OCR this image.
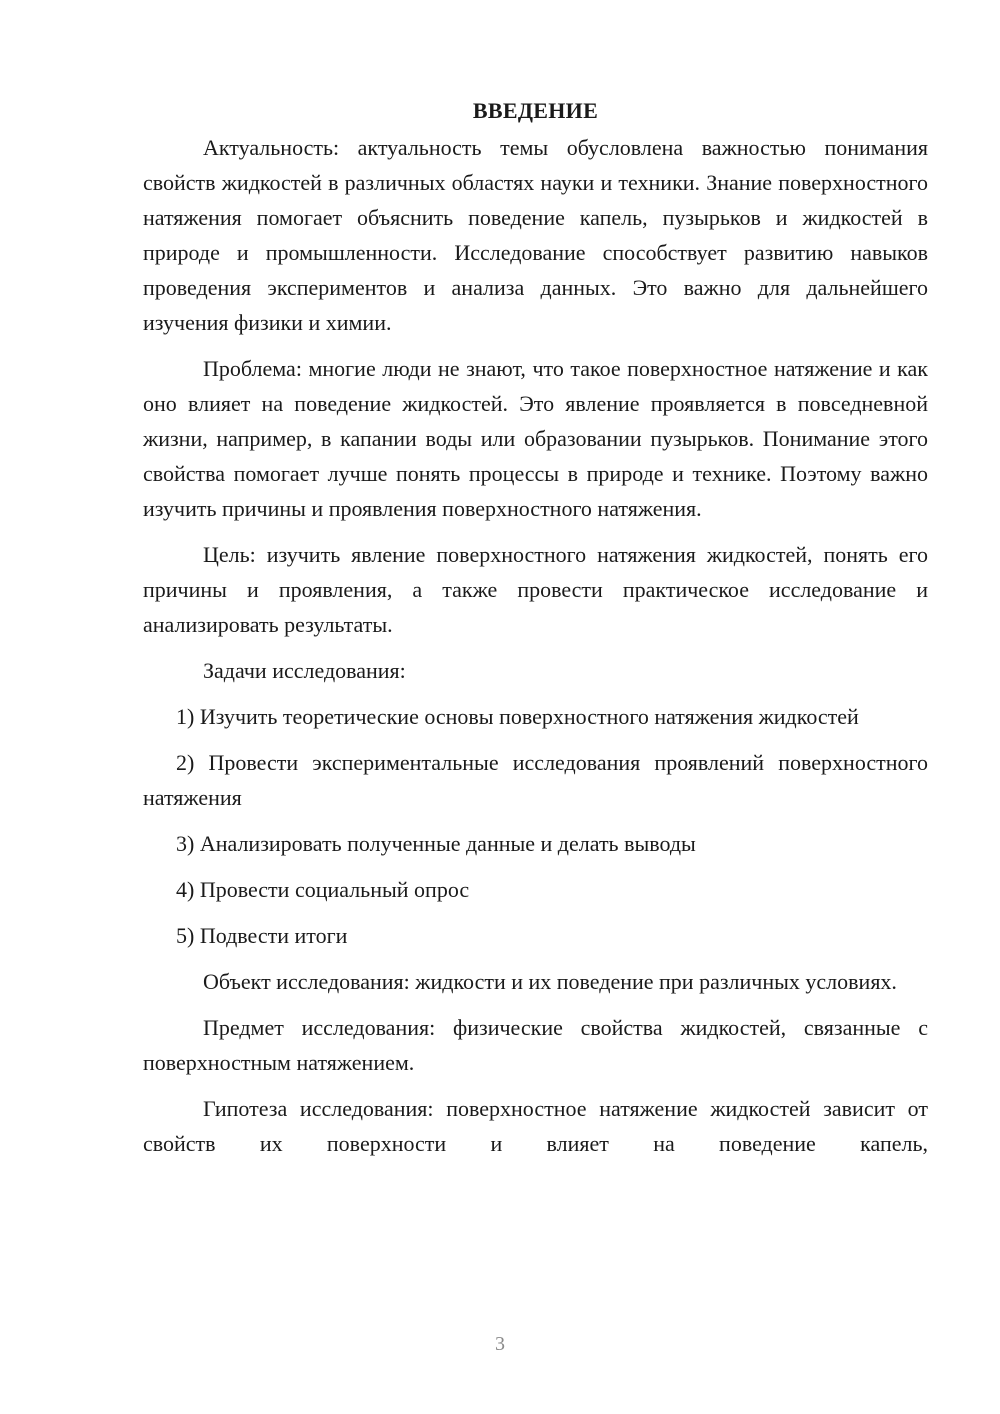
ВВЕДЕНИЕ

Актуальность: актуальность темы обусловлена важностью понимания свойств жидкостей в различных областях науки и техники. Знание поверхностного натяжения помогает объяснить поведение капель, пузырьков и жидкостей в природе и промышленности. Исследование способствует развитию навыков проведения экспериментов и анализа данных. Это важно для дальнейшего изучения физики и химии.

Проблема: многие люди не знают, что такое поверхностное натяжение и как оно влияет на поведение жидкостей. Это явление проявляется в повседневной жизни, например, в капании воды или образовании пузырьков. Понимание этого свойства помогает лучше понять процессы в природе и технике. Поэтому важно изучить причины и проявления поверхностного натяжения.

Цель: изучить явление поверхностного натяжения жидкостей, понять его причины и проявления, а также провести практическое исследование и анализировать результаты.

Задачи исследования:

1) Изучить теоретические основы поверхностного натяжения жидкостей

2) Провести экспериментальные исследования проявлений поверхностного натяжения

3) Анализировать полученные данные и делать выводы

4) Провести социальный опрос

5) Подвести итоги

Объект исследования: жидкости и их поведение при различных условиях.

Предмет исследования: физические свойства жидкостей, связанные с поверхностным натяжением.

Гипотеза исследования: поверхностное натяжение жидкостей зависит от свойств их поверхности и влияет на поведение капель,

3
